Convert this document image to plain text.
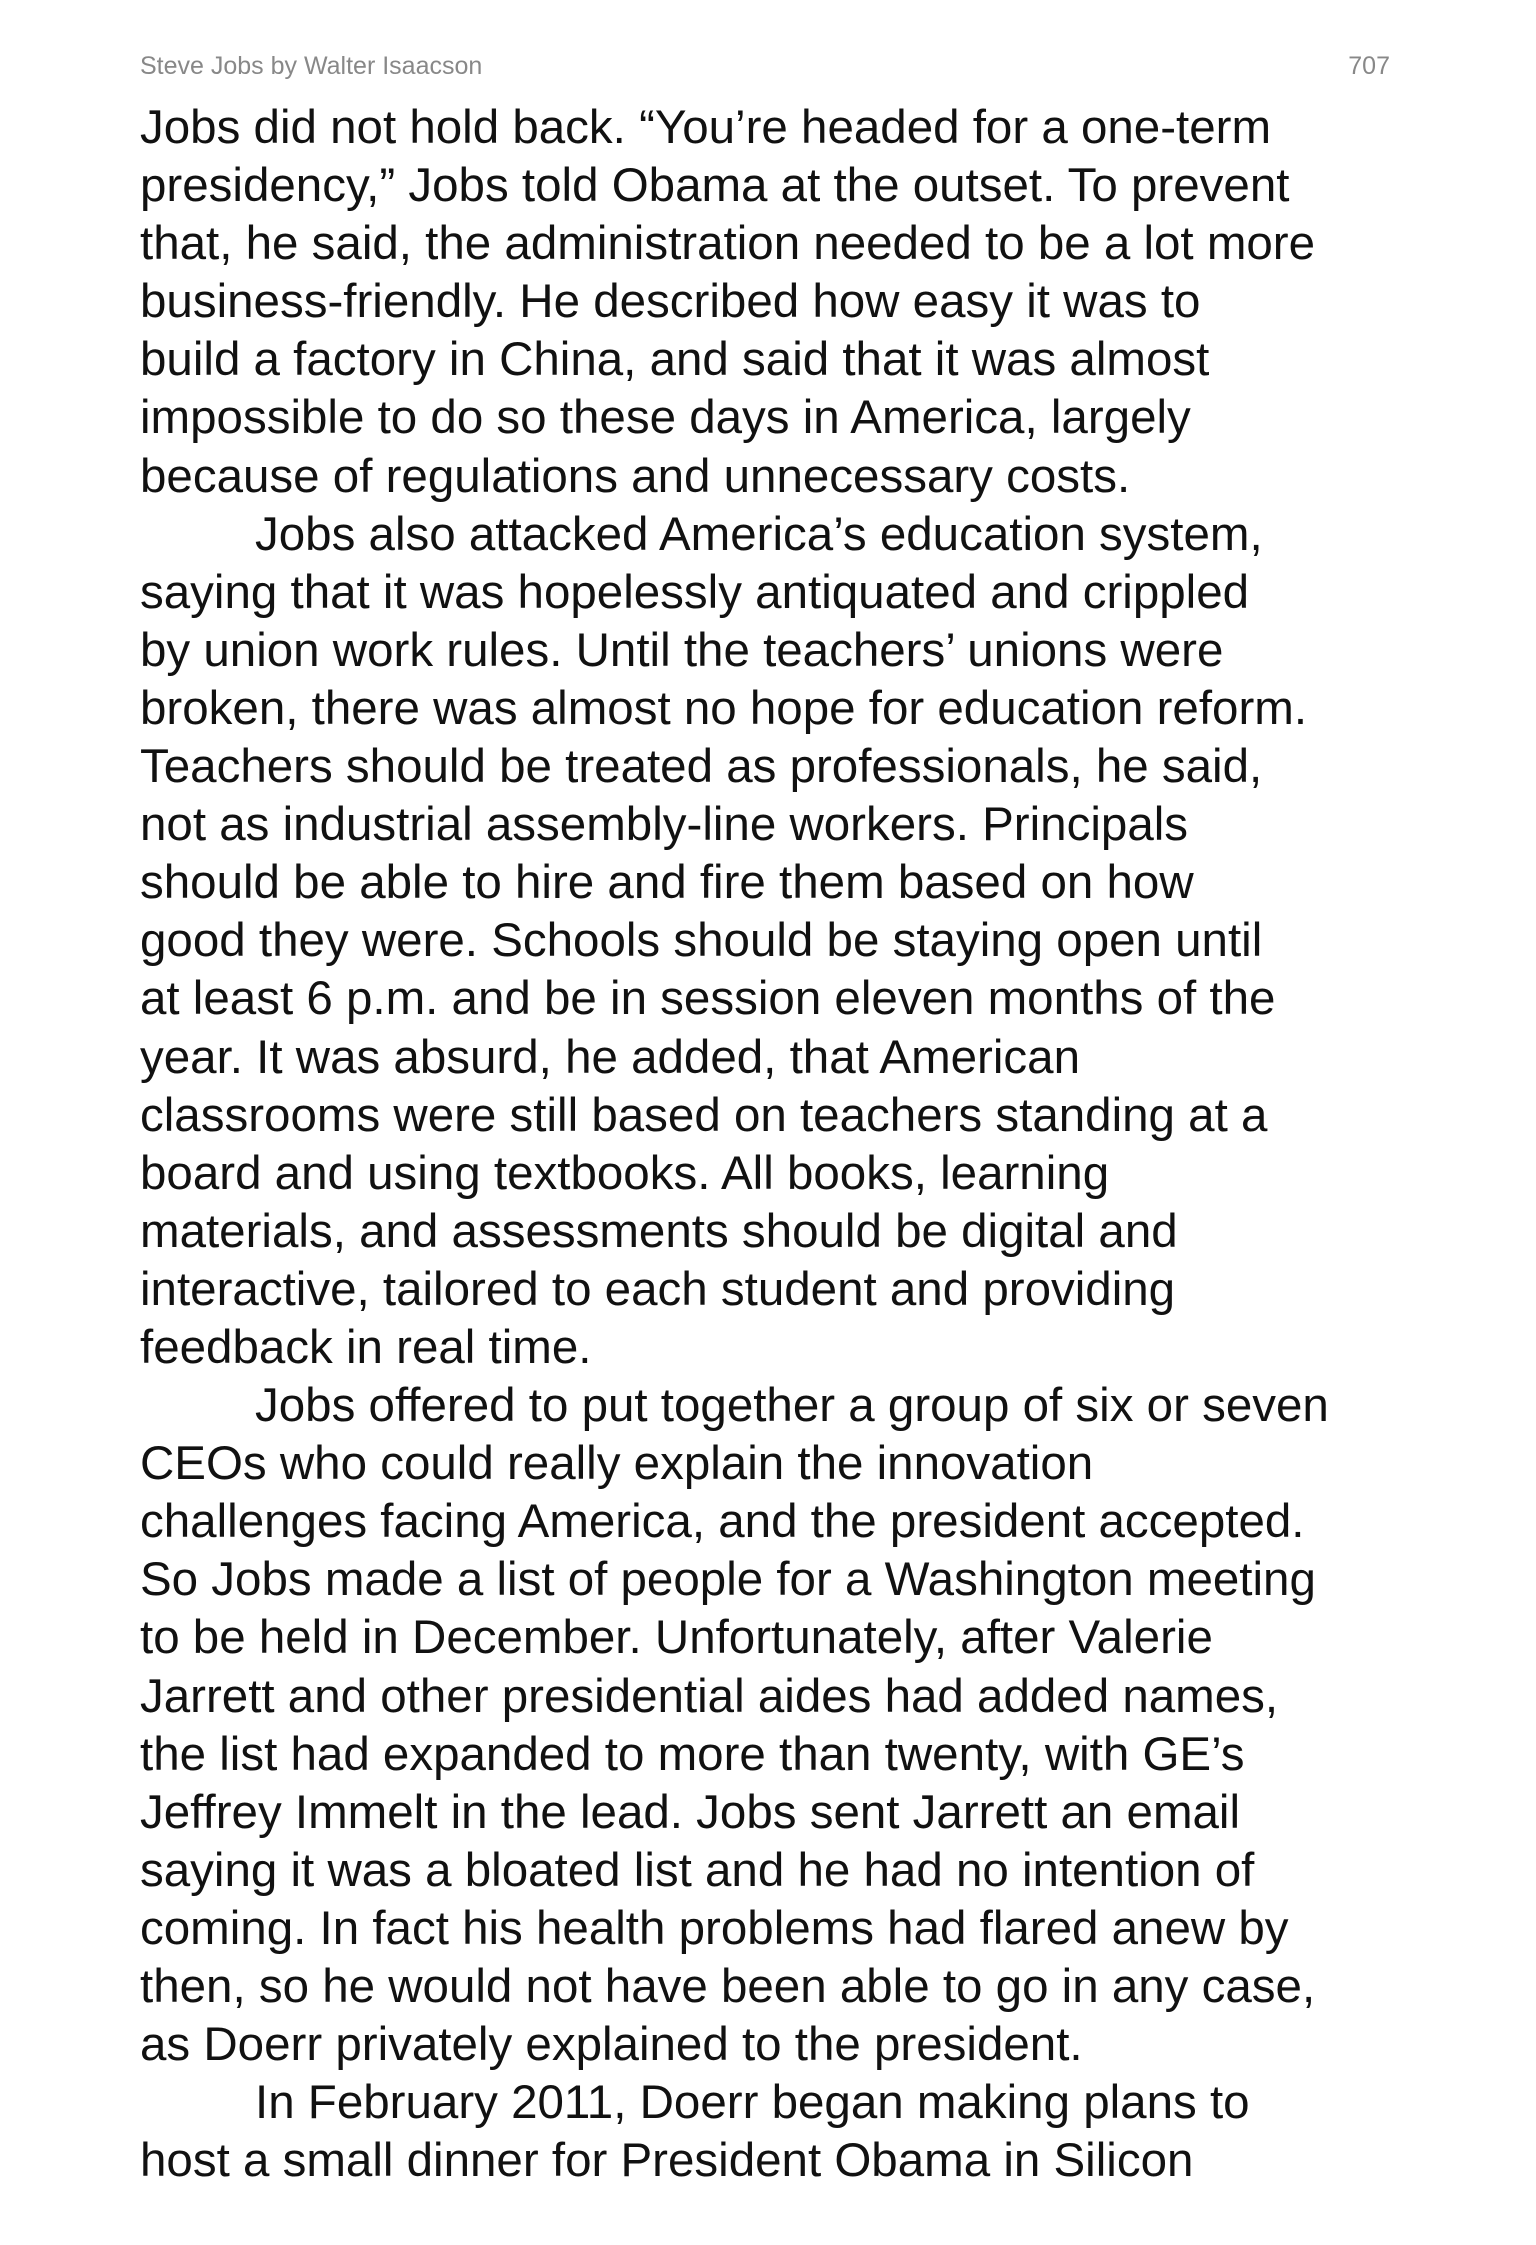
Steve Jobs by Walter Isaacson	707
Jobs did not hold back. “You’re headed for a one-term
presidency,” Jobs told Obama at the outset. To prevent
that, he said, the administration needed to be a lot more
business-friendly. He described how easy it was to
build a factory in China, and said that it was almost
impossible to do so these days in America, largely
because of regulations and unnecessary costs.
Jobs also attacked America’s education system,
saying that it was hopelessly antiquated and crippled
by union work rules. Until the teachers’ unions were
broken, there was almost no hope for education reform.
Teachers should be treated as professionals, he said,
not as industrial assembly-line workers. Principals
should be able to hire and fire them based on how
good they were. Schools should be staying open until
at least 6 p.m. and be in session eleven months of the
year. It was absurd, he added, that American
classrooms were still based on teachers standing at a
board and using textbooks. All books, learning
materials, and assessments should be digital and
interactive, tailored to each student and providing
feedback in real time.
Jobs offered to put together a group of six or seven
CEOs who could really explain the innovation
challenges facing America, and the president accepted.
So Jobs made a list of people for a Washington meeting
to be held in December. Unfortunately, after Valerie
Jarrett and other presidential aides had added names,
the list had expanded to more than twenty, with GE’s
Jeffrey Immelt in the lead. Jobs sent Jarrett an email
saying it was a bloated list and he had no intention of
coming. In fact his health problems had flared anew by
then, so he would not have been able to go in any case,
as Doerr privately explained to the president.
In February 2011, Doerr began making plans to
host a small dinner for President Obama in Silicon
